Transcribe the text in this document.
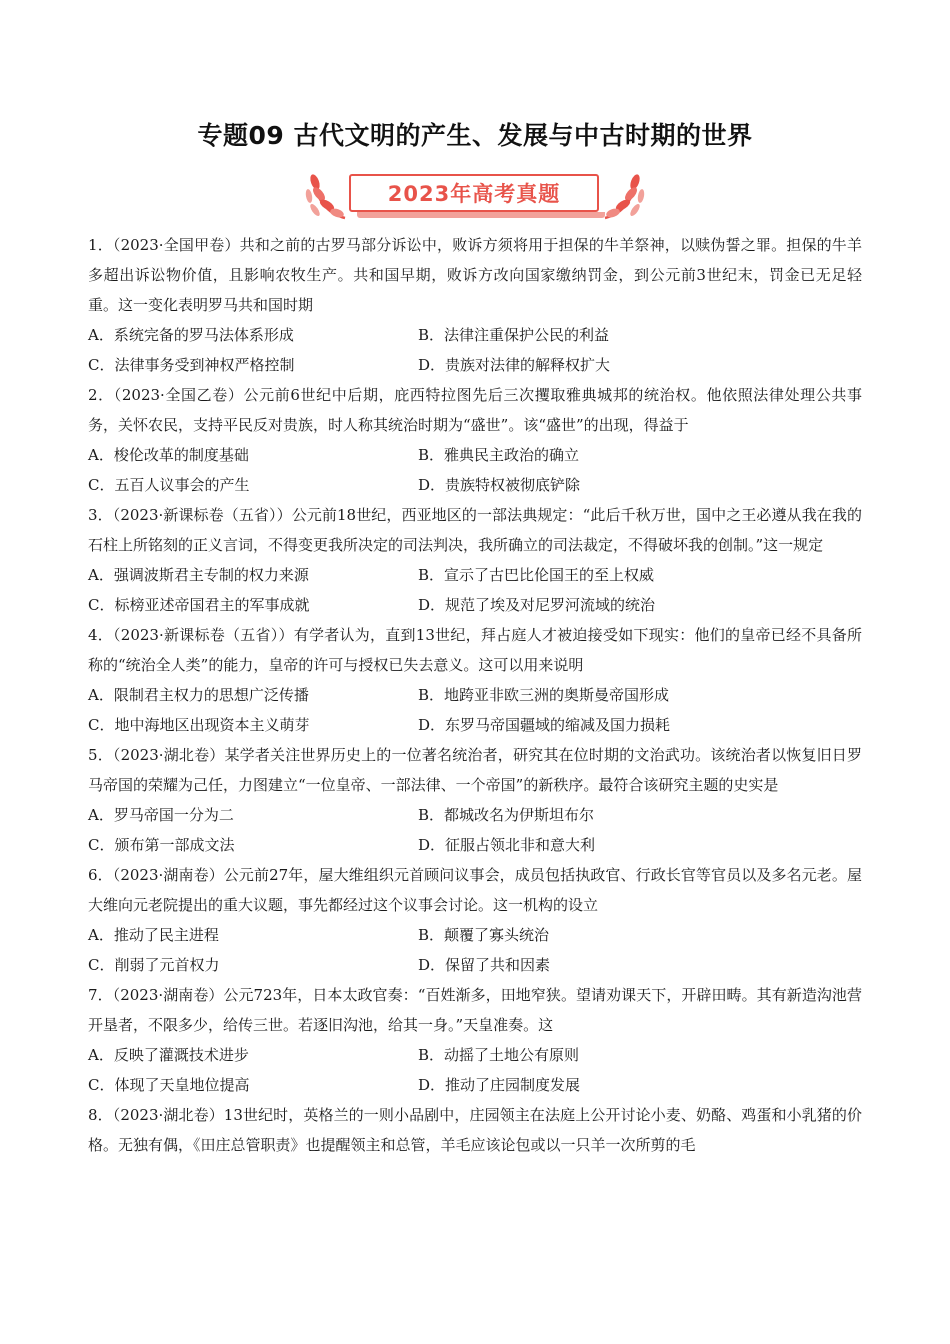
专题09 古代文明的产生、发展与中古时期的世界
2023年高考真题

1．（2023·全国甲卷）共和之前的古罗马部分诉讼中，败诉方须将用于担保的牛羊祭神，以赎伪誓之罪。担保的牛羊多超出诉讼物价值，且影响农牧生产。共和国早期，败诉方改向国家缴纳罚金，到公元前3世纪末，罚金已无足轻重。这一变化表明罗马共和国时期

A．系统完备的罗马法体系形成	B．法律注重保护公民的利益
C．法律事务受到神权严格控制	D．贵族对法律的解释权扩大

2．（2023·全国乙卷）公元前6世纪中后期，庇西特拉图先后三次攫取雅典城邦的统治权。他依照法律处理公共事务，关怀农民，支持平民反对贵族，时人称其统治时期为“盛世”。该“盛世”的出现，得益于

A．梭伦改革的制度基础	B．雅典民主政治的确立
C．五百人议事会的产生	D．贵族特权被彻底铲除

3．（2023·新课标卷（五省））公元前18世纪，西亚地区的一部法典规定：“此后千秋万世，国中之王必遵从我在我的石柱上所铭刻的正义言词，不得变更我所决定的司法判决，我所确立的司法裁定，不得破坏我的创制。”这一规定

A．强调波斯君主专制的权力来源	B．宣示了古巴比伦国王的至上权威
C．标榜亚述帝国君主的军事成就	D．规范了埃及对尼罗河流域的统治

4．（2023·新课标卷（五省））有学者认为，直到13世纪，拜占庭人才被迫接受如下现实：他们的皇帝已经不具备所称的“统治全人类”的能力，皇帝的许可与授权已失去意义。这可以用来说明

A．限制君主权力的思想广泛传播	B．地跨亚非欧三洲的奥斯曼帝国形成
C．地中海地区出现资本主义萌芽	D．东罗马帝国疆域的缩减及国力损耗

5．（2023·湖北卷）某学者关注世界历史上的一位著名统治者，研究其在位时期的文治武功。该统治者以恢复旧日罗马帝国的荣耀为己任，力图建立“一位皇帝、一部法律、一个帝国”的新秩序。最符合该研究主题的史实是

A．罗马帝国一分为二	B．都城改名为伊斯坦布尔
C．颁布第一部成文法	D．征服占领北非和意大利

6．（2023·湖南卷）公元前27年，屋大维组织元首顾问议事会，成员包括执政官、行政长官等官员以及多名元老。屋大维向元老院提出的重大议题，事先都经过这个议事会讨论。这一机构的设立

A．推动了民主进程	B．颠覆了寡头统治
C．削弱了元首权力	D．保留了共和因素

7．（2023·湖南卷）公元723年，日本太政官奏：“百姓渐多，田地窄狭。望请劝课天下，开辟田畴。其有新造沟池营开垦者，不限多少，给传三世。若逐旧沟池，给其一身。”天皇准奏。这

A．反映了灌溉技术进步	B．动摇了土地公有原则
C．体现了天皇地位提高	D．推动了庄园制度发展

8．（2023·湖北卷）13世纪时，英格兰的一则小品剧中，庄园领主在法庭上公开讨论小麦、奶酪、鸡蛋和小乳猪的价格。无独有偶，《田庄总管职责》也提醒领主和总管，羊毛应该论包或以一只羊一次所剪的毛
